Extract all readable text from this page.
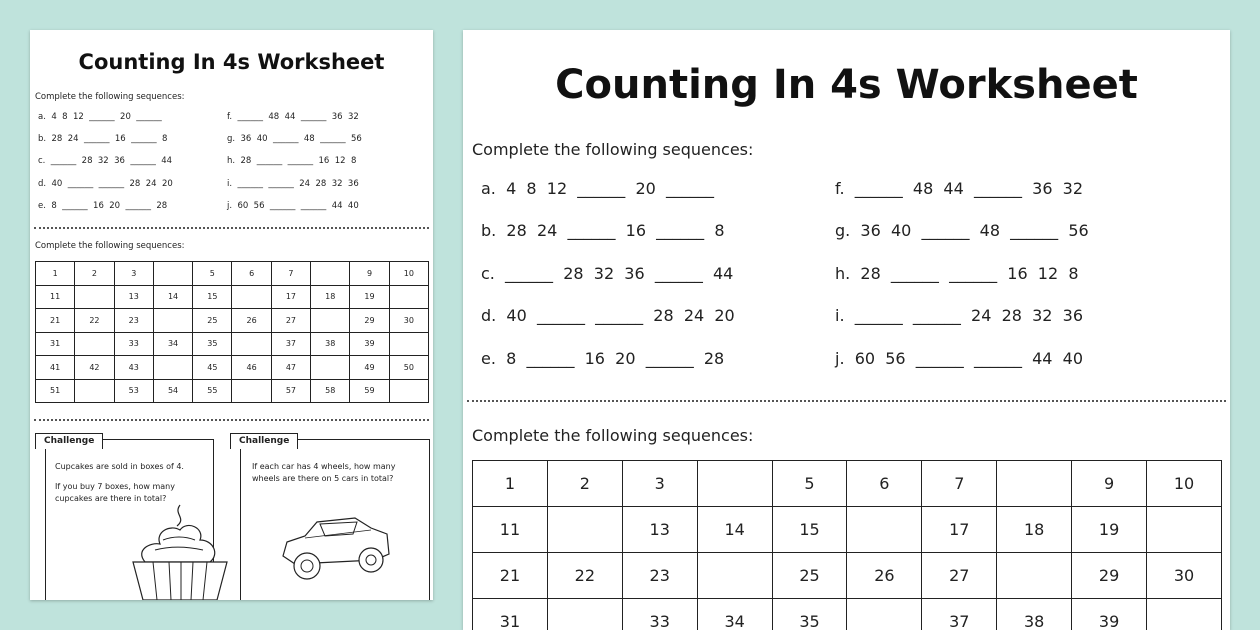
Counting In 4s Worksheet
Complete the following sequences:
a.  4  8  12  ______  20  ______
b.  28  24  ______  16  ______  8
c.  ______  28  32  36  ______  44
d.  40  ______  ______  28  24  20
e.  8  ______  16  20  ______  28
f.  ______  48  44  ______  36  32
g.  36  40  ______  48  ______  56
h.  28  ______  ______  16  12  8
i.  ______  ______  24  28  32  36
j.  60  56  ______  ______  44  40
Complete the following sequences:
1	2	3		5	6	7		9	10
11		13	14	15		17	18	19	
21	22	23		25	26	27		29	30
31		33	34	35		37	38	39	
41	42	43		45	46	47		49	50
51		53	54	55		57	58	59	
Challenge
Cupcakes are sold in boxes of 4.
If you buy 7 boxes, how many cupcakes are there in total?
Challenge
If each car has 4 wheels, how many wheels are there on 5 cars in total?
Counting In 4s Worksheet
Complete the following sequences:
a.  4  8  12  ______  20  ______
b.  28  24  ______  16  ______  8
c.  ______  28  32  36  ______  44
d.  40  ______  ______  28  24  20
e.  8  ______  16  20  ______  28
f.  ______  48  44  ______  36  32
g.  36  40  ______  48  ______  56
h.  28  ______  ______  16  12  8
i.  ______  ______  24  28  32  36
j.  60  56  ______  ______  44  40
Complete the following sequences:
1	2	3		5	6	7		9	10
11		13	14	15		17	18	19	
21	22	23		25	26	27		29	30
31		33	34	35		37	38	39	
